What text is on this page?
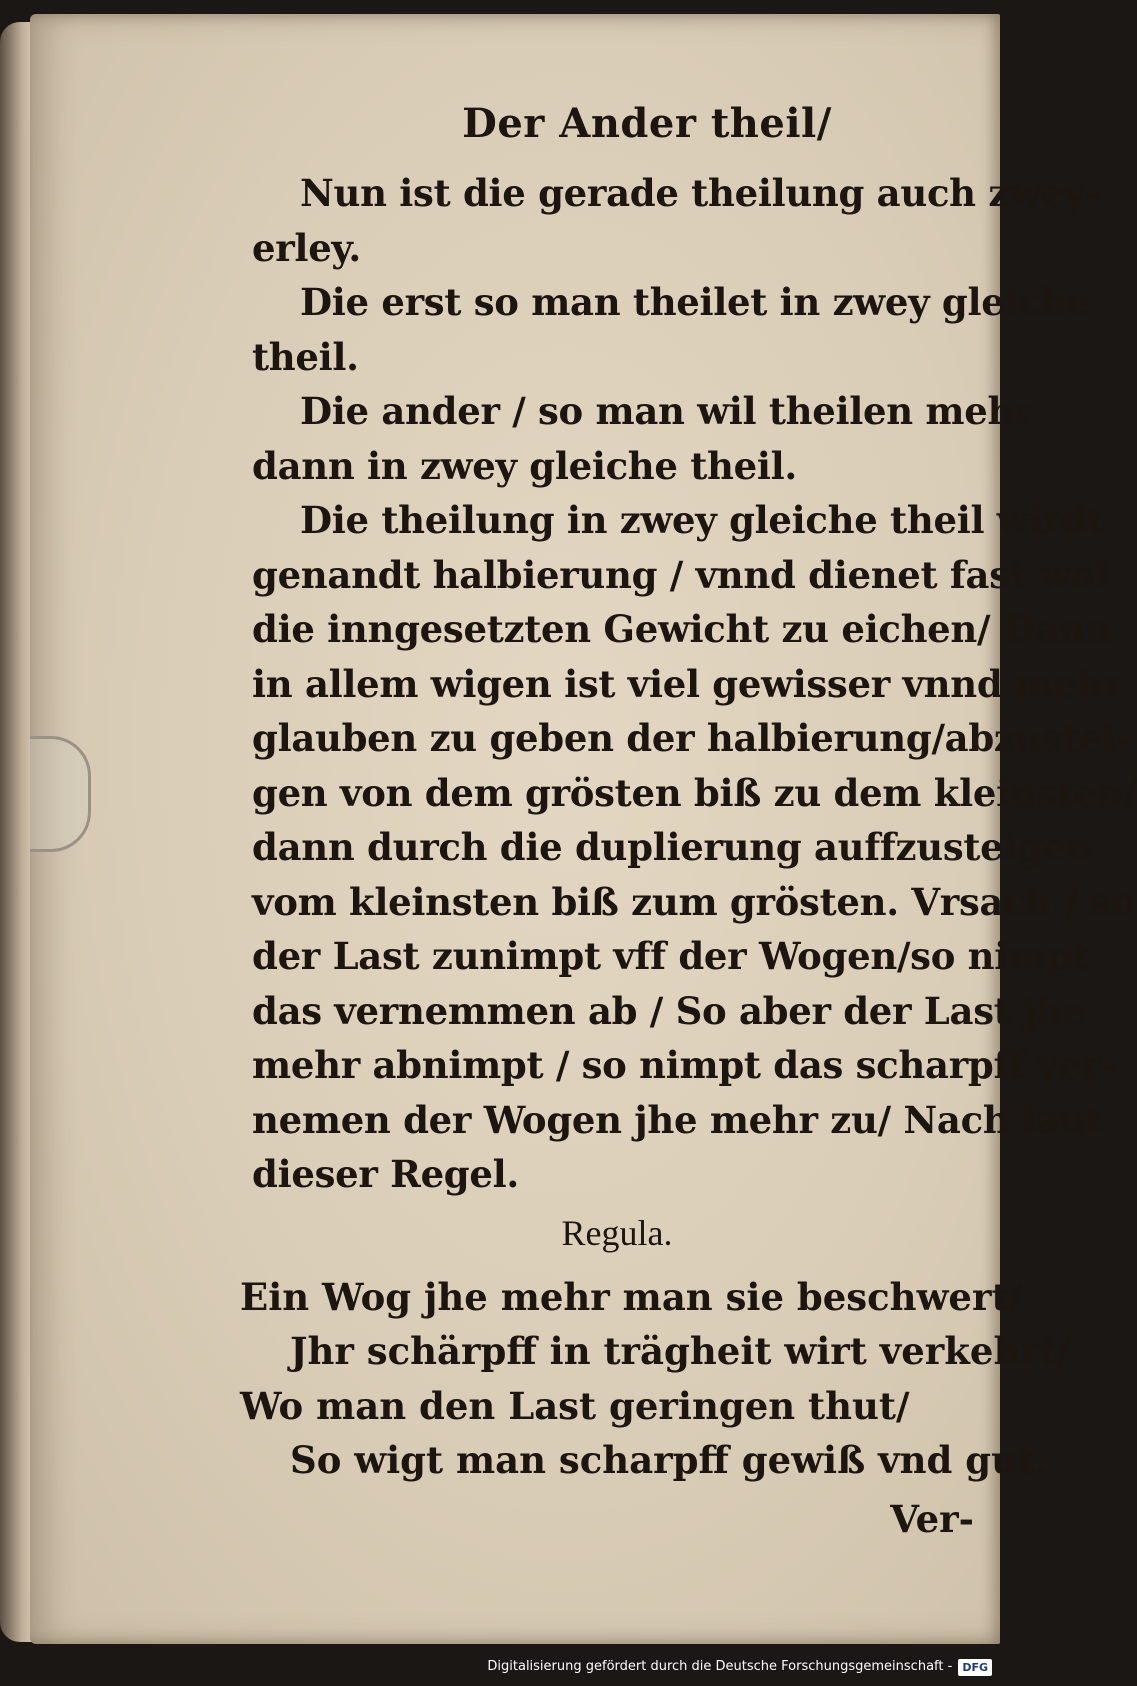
Der Ander theil/

Nun ist die gerade theilung auch zwey-
erley.

Die erst so man theilet in zwey gleiche
theil.

Die ander / so man wil theilen mehr
dann in zwey gleiche theil.

Die theilung in zwey gleiche theil wirdt
genandt halbierung / vnnd dienet fast wol
die inngesetzten Gewicht zu eichen/ Dann
in allem wigen ist viel gewisser vnnd mehr
glauben zu geben der halbierung/abzustei-
gen von dem grösten biß zu dem kleinsten/
dann durch die duplierung auffzusteigen
vom kleinsten biß zum grösten. Vrsach / so
der Last zunimpt vff der Wogen/so nimpt
das vernemmen ab / So aber der Last jhe
mehr abnimpt / so nimpt das scharpff ver-
nemen der Wogen jhe mehr zu/ Nach laut
dieser Regel.

Regula.
Ein Wog jhe mehr man sie beschwert/
Jhr schärpff in trägheit wirt verkehrt/
Wo man den Last geringen thut/
So wigt man scharpff gewiß vnd gut.
Ver-
Digitalisierung gefördert durch die Deutsche Forschungsgemeinschaft - DFG
